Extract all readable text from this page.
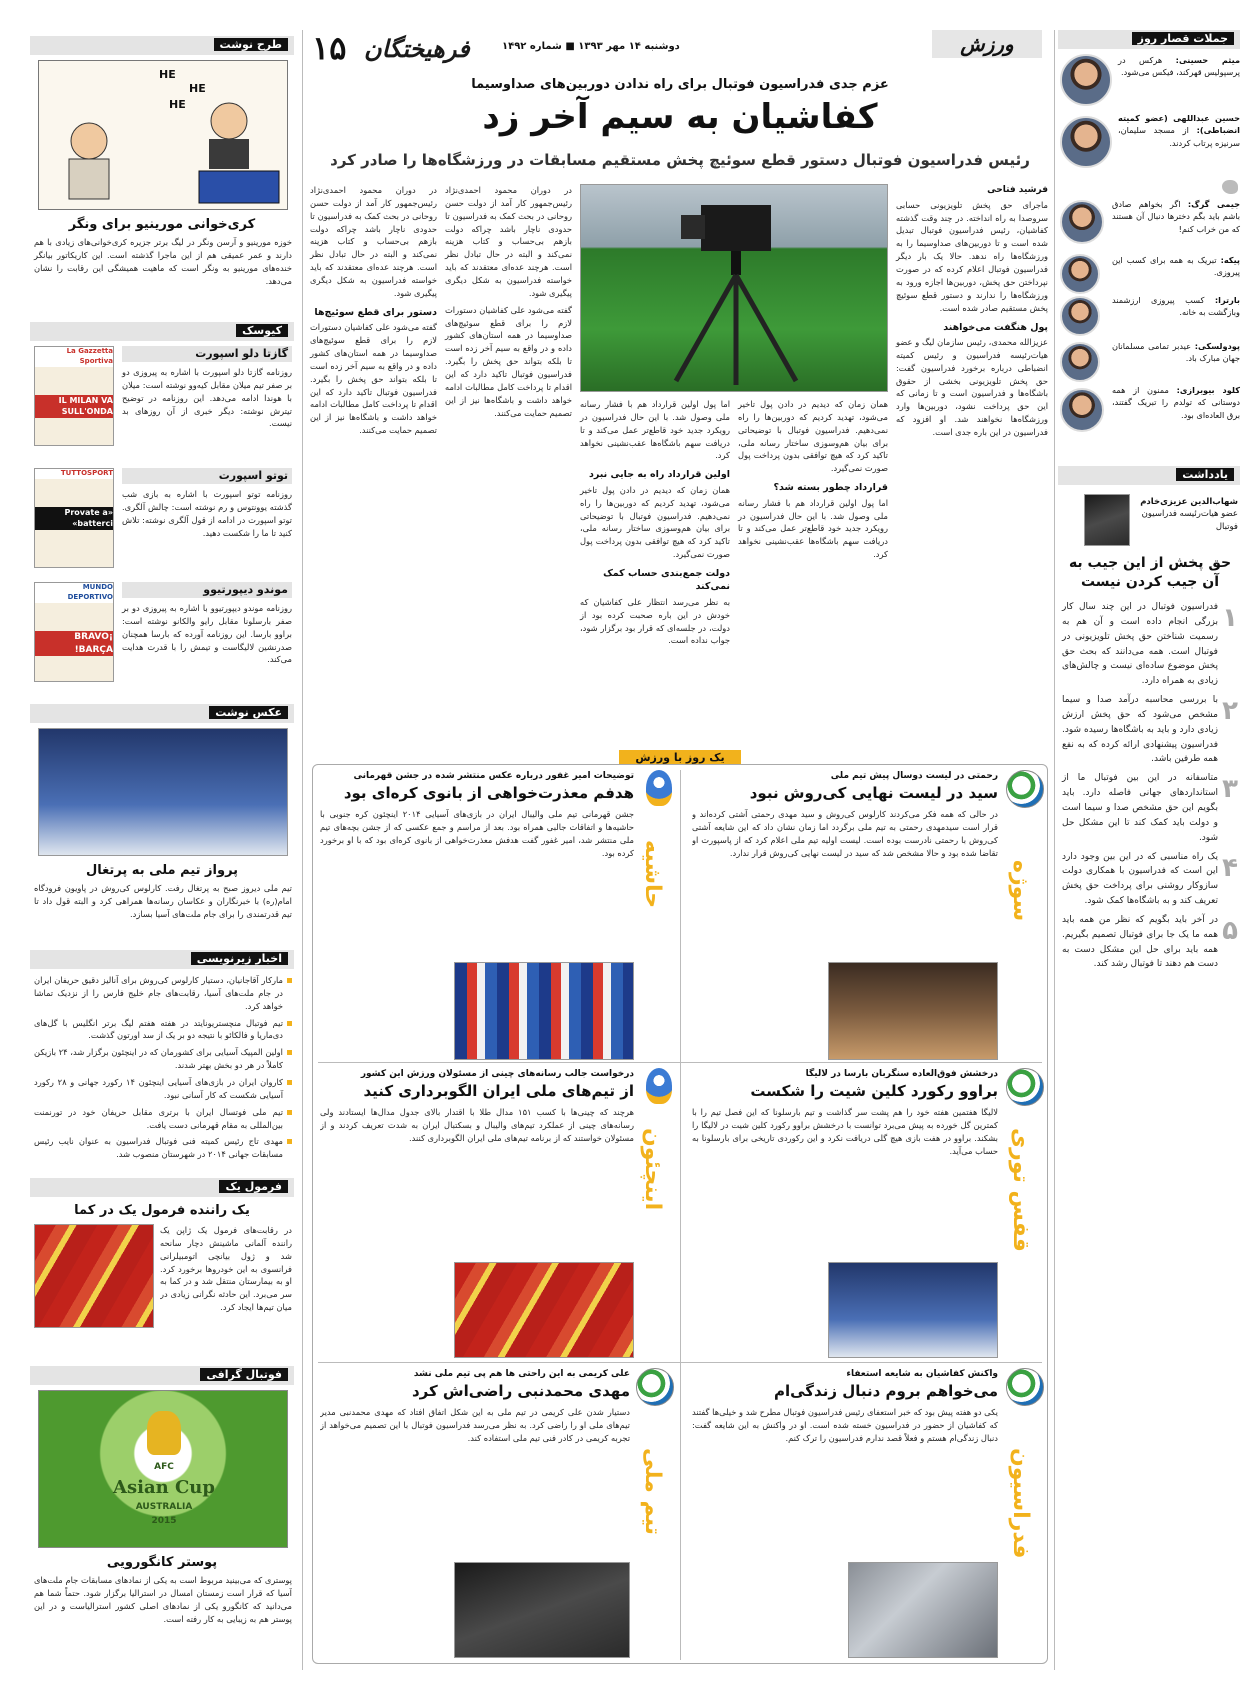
۱۵ فرهیختگان	دوشنبه ۱۴ مهر ۱۳۹۳ ■ شماره ۱۴۹۲	ورزش	جملات قصار روز
میثم حسینی: هرکس در پرسپولیس قهرکند، فیکس می‌شود.
حسین عبداللهی (عضو کمیته انضباطی): از مسجد سلیمان، سرنیزه پرتاب کردند.
جیمی گرگ: اگر بخواهم صادق باشم باید بگم دخترها دنبال آن هستند که من خراب کنم!
پیکه: تبریک به همه برای کسب این پیروزی.
بارترا: کسب پیروزی ارزشمند وبازگشت به خانه.
پودولسکی: عیدبر تمامی مسلمانان جهان مبارک باد.
کلود بیوبرازی: ممنون از همه دوستانی که تولدم را تبریک گفتند، برق العاده‌ای بود.
یادداشت
شهاب‌الدین عزیزی‌خادم
عضو هیات‌رئیسه فدراسیون فوتبال
حق پخش از این جیب به آن جیب کردن نیست
۱

فدراسیون فوتبال در این چند سال کار بزرگی انجام داده است و آن هم به رسمیت شناختن حق پخش تلویزیونی در فوتبال است. همه می‌دانند که بحث حق پخش موضوع ساده‌ای نیست و چالش‌های زیادی به همراه دارد.

۲

با بررسی محاسبه درآمد صدا و سیما مشخص می‌شود که حق پخش ارزش زیادی دارد و باید به باشگاه‌ها رسیده شود. فدراسیون پیشنهادی ارائه کرده که به نفع همه طرفین باشد.

۳

متاسفانه در این بین فوتبال ما از استانداردهای جهانی فاصله دارد. باید بگویم این حق مشخص صدا و سیما است و دولت باید کمک کند تا این مشکل حل شود.

۴

یک راه مناسبی که در این بین وجود دارد این است که فدراسیون با همکاری دولت سازوکار روشنی برای پرداخت حق پخش تعریف کند و به باشگاه‌ها کمک شود.

۵

در آخر باید بگویم که نظر من همه باید همه ما یک جا برای فوتبال تصمیم بگیریم. همه باید برای حل این مشکل دست به دست هم دهند تا فوتبال رشد کند.

عزم جدی فدراسیون فوتبال برای راه ندادن دوربین‌های صداوسیما
کفاشیان به سیم آخر زد
رئیس فدراسیون فوتبال دستور قطع سوئیچ پخش مستقیم مسابقات در ورزشگاه‌ها را صادر کرد
فرشید فتاحی

ماجرای حق پخش تلویزیونی حسابی سروصدا به راه انداخته. در چند وقت گذشته کفاشیان، رئیس فدراسیون فوتبال تبدیل شده است و تا دوربین‌های صداوسیما را به ورزشگاه‌ها راه ندهد. حالا یک بار دیگر فدراسیون فوتبال اعلام کرده که در صورت نپرداختن حق پخش، دوربین‌ها اجازه ورود به ورزشگاه‌ها را ندارند و دستور قطع سوئیچ پخش مستقیم صادر شده است.

پول هنگفت می‌خواهند

عزیزالله محمدی، رئیس سازمان لیگ و عضو هیات‌رئیسه فدراسیون و رئیس کمیته انضباطی درباره برخورد فدراسیون گفت: حق پخش تلویزیونی بخشی از حقوق باشگاه‌ها و فدراسیون است و تا زمانی که این حق پرداخت نشود، دوربین‌ها وارد ورزشگاه‌ها نخواهند شد. او افزود که فدراسیون در این باره جدی است.

همان زمان که دیدیم در دادن پول تاخیر می‌شود، تهدید کردیم که دوربین‌ها را راه نمی‌دهیم. فدراسیون فوتبال با توضیحاتی برای بیان هم‌وسوزی ساختار رسانه ملی، تاکید کرد که هیچ توافقی بدون پرداخت پول صورت نمی‌گیرد.

قرارداد چطور بسته شد؟

اما پول اولین قرارداد هم با فشار رسانه ملی وصول شد. با این حال فدراسیون در رویکرد جدید خود قاطع‌تر عمل می‌کند و تا دریافت سهم باشگاه‌ها عقب‌نشینی نخواهد کرد.

اما پول اولین قرارداد هم با فشار رسانه ملی وصول شد. با این حال فدراسیون در رویکرد جدید خود قاطع‌تر عمل می‌کند و تا دریافت سهم باشگاه‌ها عقب‌نشینی نخواهد کرد.

اولین قرارداد راه به جایی نبرد

همان زمان که دیدیم در دادن پول تاخیر می‌شود، تهدید کردیم که دوربین‌ها را راه نمی‌دهیم. فدراسیون فوتبال با توضیحاتی برای بیان هم‌وسوزی ساختار رسانه ملی، تاکید کرد که هیچ توافقی بدون پرداخت پول صورت نمی‌گیرد.

دولت جمع‌بندی حساب کمک نمی‌کند

به نظر می‌رسد انتظار علی کفاشیان که خودش در این باره صحبت کرده بود از دولت، در جلسه‌ای که قرار بود برگزار شود، جواب نداده است.

در دوران محمود احمدی‌نژاد رئیس‌جمهور کار آمد از دولت حسن روحانی در بحث کمک به فدراسیون تا حدودی ناچار باشد چراکه دولت بازهم بی‌حساب و کتاب هزینه نمی‌کند و البته در حال تبادل نظر است. هرچند عده‌ای معتقدند که باید خواسته فدراسیون به شکل دیگری پیگیری شود.

گفته می‌شود علی کفاشیان دستورات لازم را برای قطع سوئیچ‌های صداوسیما در همه استان‌های کشور داده و در واقع به سیم آخر زده است تا بلکه بتواند حق پخش را بگیرد. فدراسیون فوتبال تاکید دارد که این اقدام تا پرداخت کامل مطالبات ادامه خواهد داشت و باشگاه‌ها نیز از این تصمیم حمایت می‌کنند.

در دوران محمود احمدی‌نژاد رئیس‌جمهور کار آمد از دولت حسن روحانی در بحث کمک به فدراسیون تا حدودی ناچار باشد چراکه دولت بازهم بی‌حساب و کتاب هزینه نمی‌کند و البته در حال تبادل نظر است. هرچند عده‌ای معتقدند که باید خواسته فدراسیون به شکل دیگری پیگیری شود.

دستور برای قطع سوئیچ‌ها

گفته می‌شود علی کفاشیان دستورات لازم را برای قطع سوئیچ‌های صداوسیما در همه استان‌های کشور داده و در واقع به سیم آخر زده است تا بلکه بتواند حق پخش را بگیرد. فدراسیون فوتبال تاکید دارد که این اقدام تا پرداخت کامل مطالبات ادامه خواهد داشت و باشگاه‌ها نیز از این تصمیم حمایت می‌کنند.

یک روز با ورزش
سوژه
رحمتی در لیست دوسال پیش تیم ملی
سید در لیست نهایی کی‌روش نبود

در حالی که همه فکر می‌کردند کارلوس کی‌روش و سید مهدی رحمتی آشتی کرده‌اند و قرار است سیدمهدی رحمتی به تیم ملی برگردد اما زمان نشان داد که این شایعه آشتی کی‌روش با رحمتی نادرست بوده است. لیست اولیه تیم ملی اعلام کرد که از پاسپورت او تقاضا شده بود و حالا مشخص شد که سید در لیست نهایی کی‌روش قرار ندارد.

حاشیه
توضیحات امیر غفور درباره عکس منتشر شده در جشن قهرمانی
هدفم معذرت‌خواهی از بانوی کره‌ای بود

جشن قهرمانی تیم ملی والیبال ایران در بازی‌های آسیایی ۲۰۱۴ اینچئون کره جنوبی با حاشیه‌ها و اتفاقات جالبی همراه بود. بعد از مراسم و جمع عکسی که از جشن بچه‌های تیم ملی منتشر شد، امیر غفور گفت هدفش معذرت‌خواهی از بانوی کره‌ای بود که با او برخورد کرده بود.

قفس توری
درخشش فوق‌العاده سنگربان بارسا در لالیگا
براوو رکورد کلین شیت را شکست

لالیگا هفتمین هفته خود را هم پشت سر گذاشت و تیم بارسلونا که این فصل تیم را با کمترین گل خورده به پیش می‌برد توانست با درخشش براوو رکورد کلین شیت در لالیگا را بشکند. براوو در هفت بازی هیچ گلی دریافت نکرد و این رکوردی تاریخی برای بارسلونا به حساب می‌آید.

اینچئون
درخواست جالب رسانه‌های چینی از مسئولان ورزش این کشور
از تیم‌های ملی ایران الگوبرداری کنید

هرچند که چینی‌ها با کسب ۱۵۱ مدال طلا با اقتدار بالای جدول مدال‌ها ایستادند ولی رسانه‌های چینی از عملکرد تیم‌های والیبال و بسکتبال ایران به شدت تعریف کردند و از مسئولان خواستند که از برنامه تیم‌های ملی ایران الگوبرداری کنند.

فدراسیون
واکنش کفاشیان به شایعه استعفاء
می‌خواهم بروم دنبال زندگی‌ام

یکی دو هفته پیش بود که خبر استعفای رئیس فدراسیون فوتبال مطرح شد و خیلی‌ها گفتند که کفاشیان از حضور در فدراسیون خسته شده است. او در واکنش به این شایعه گفت: دنبال زندگی‌ام هستم و فعلاً قصد ندارم فدراسیون را ترک کنم.

تیم ملی
علی کریمی به این راحتی ها هم پی تیم ملی نشد
مهدی محمدنبی راضی‌اش کرد

دستیار شدن علی کریمی در تیم ملی به این شکل اتفاق افتاد که مهدی محمدنبی مدیر تیم‌های ملی او را راضی کرد. به نظر می‌رسد فدراسیون فوتبال با این تصمیم می‌خواهد از تجربه کریمی در کادر فنی تیم ملی استفاده کند.

طرح نوشت
HE
HE
HE
کری‌خوانی مورینیو برای ونگر

خوزه مورینیو و آرسن ونگر در لیگ برتر جزیره کری‌خوانی‌های زیادی با هم دارند و عمر عمیقی هم از این ماجرا گذشته است. این کاریکاتور بیانگر خنده‌های مورینیو به ونگر است که ماهیت همیشگی این رقابت را نشان می‌دهد.

کیوسک
La Gazzetta Sportiva
IL MILAN VA SULL'ONDA
گازتا دلو اسپورت

روزنامه گازتا دلو اسپورت با اشاره به پیروزی دو بر صفر تیم میلان مقابل کیه‌وو نوشته است: میلان با هوندا ادامه می‌دهد. این روزنامه در توضیح تیترش نوشته: دیگر خبری از آن روزهای بد نیست.

TUTTOSPORT
«Provate a batterci»
توتو اسپورت

روزنامه توتو اسپورت با اشاره به بازی شب گذشته یوونتوس و رم نوشته است: چالش آلگری. توتو اسپورت در ادامه از قول آلگری نوشته: تلاش کنید تا ما را شکست دهید.

MUNDO DEPORTIVO
¡BRAVO BARÇA!
موندو دیپورتیوو

روزنامه موندو دیپورتیوو با اشاره به پیروزی دو بر صفر بارسلونا مقابل رایو والکانو نوشته است: براوو بارسا. این روزنامه آورده که بارسا همچنان صدرنشین لالیگاست و تیمش را با قدرت هدایت می‌کند.

عکس نوشت
پرواز تیم ملی به پرتغال

تیم ملی دیروز صبح به پرتغال رفت. کارلوس کی‌روش در پاویون فرودگاه امام(ره) با خبرنگاران و عکاسان رسانه‌ها همراهی کرد و البته قول داد تا تیم قدرتمندی را برای جام ملت‌های آسیا بسازد.

اخبار زیرنویسی
مارکار آقاجانیان، دستیار کارلوس کی‌روش برای آنالیز دقیق حریفان ایران در جام ملت‌های آسیا، رقابت‌های جام خلیج فارس را از نزدیک تماشا خواهد کرد.
تیم فوتبال منچستریونایتد در هفته هفتم لیگ برتر انگلیس با گل‌های دی‌ماریا و فالکائو با نتیجه دو بر یک از سد اورتون گذشت.
اولین المپیک آسیایی برای کشورمان که در اینچئون برگزار شد، ۲۴ بازیکن کاملاً در هر دو بخش بهتر شدند.
کاروان ایران در بازی‌های آسیایی اینچئون ۱۴ رکورد جهانی و ۲۸ رکورد آسیایی شکست که کار آسانی نبود.
تیم ملی فوتسال ایران با برتری مقابل حریفان خود در تورنمنت بین‌المللی به مقام قهرمانی دست یافت.
مهدی تاج رئیس کمیته فنی فوتبال فدراسیون به عنوان نایب رئیس مسابقات جهانی ۲۰۱۴ در شهرستان منصوب شد.
فرمول یک
یک راننده فرمول یک در کما

در رقابت‌های فرمول یک ژاپن یک راننده آلمانی ماشینش دچار سانحه شد و ژول بیانچی اتومبیلرانی فرانسوی به این خودروها برخورد کرد. او به بیمارستان منتقل شد و در کما به سر می‌برد. این حادثه نگرانی زیادی در میان تیم‌ها ایجاد کرد.

فوتبال گرافی
AFC
Asian Cup
AUSTRALIA
2015
پوستر کانگورویی

پوستری که می‌بینید مربوط است به یکی از نمادهای مسابقات جام ملت‌های آسیا که قرار است زمستان امسال در استرالیا برگزار شود. حتماً شما هم می‌دانید که کانگورو یکی از نمادهای اصلی کشور استرالیاست و در این پوستر هم به زیبایی به کار رفته است.
